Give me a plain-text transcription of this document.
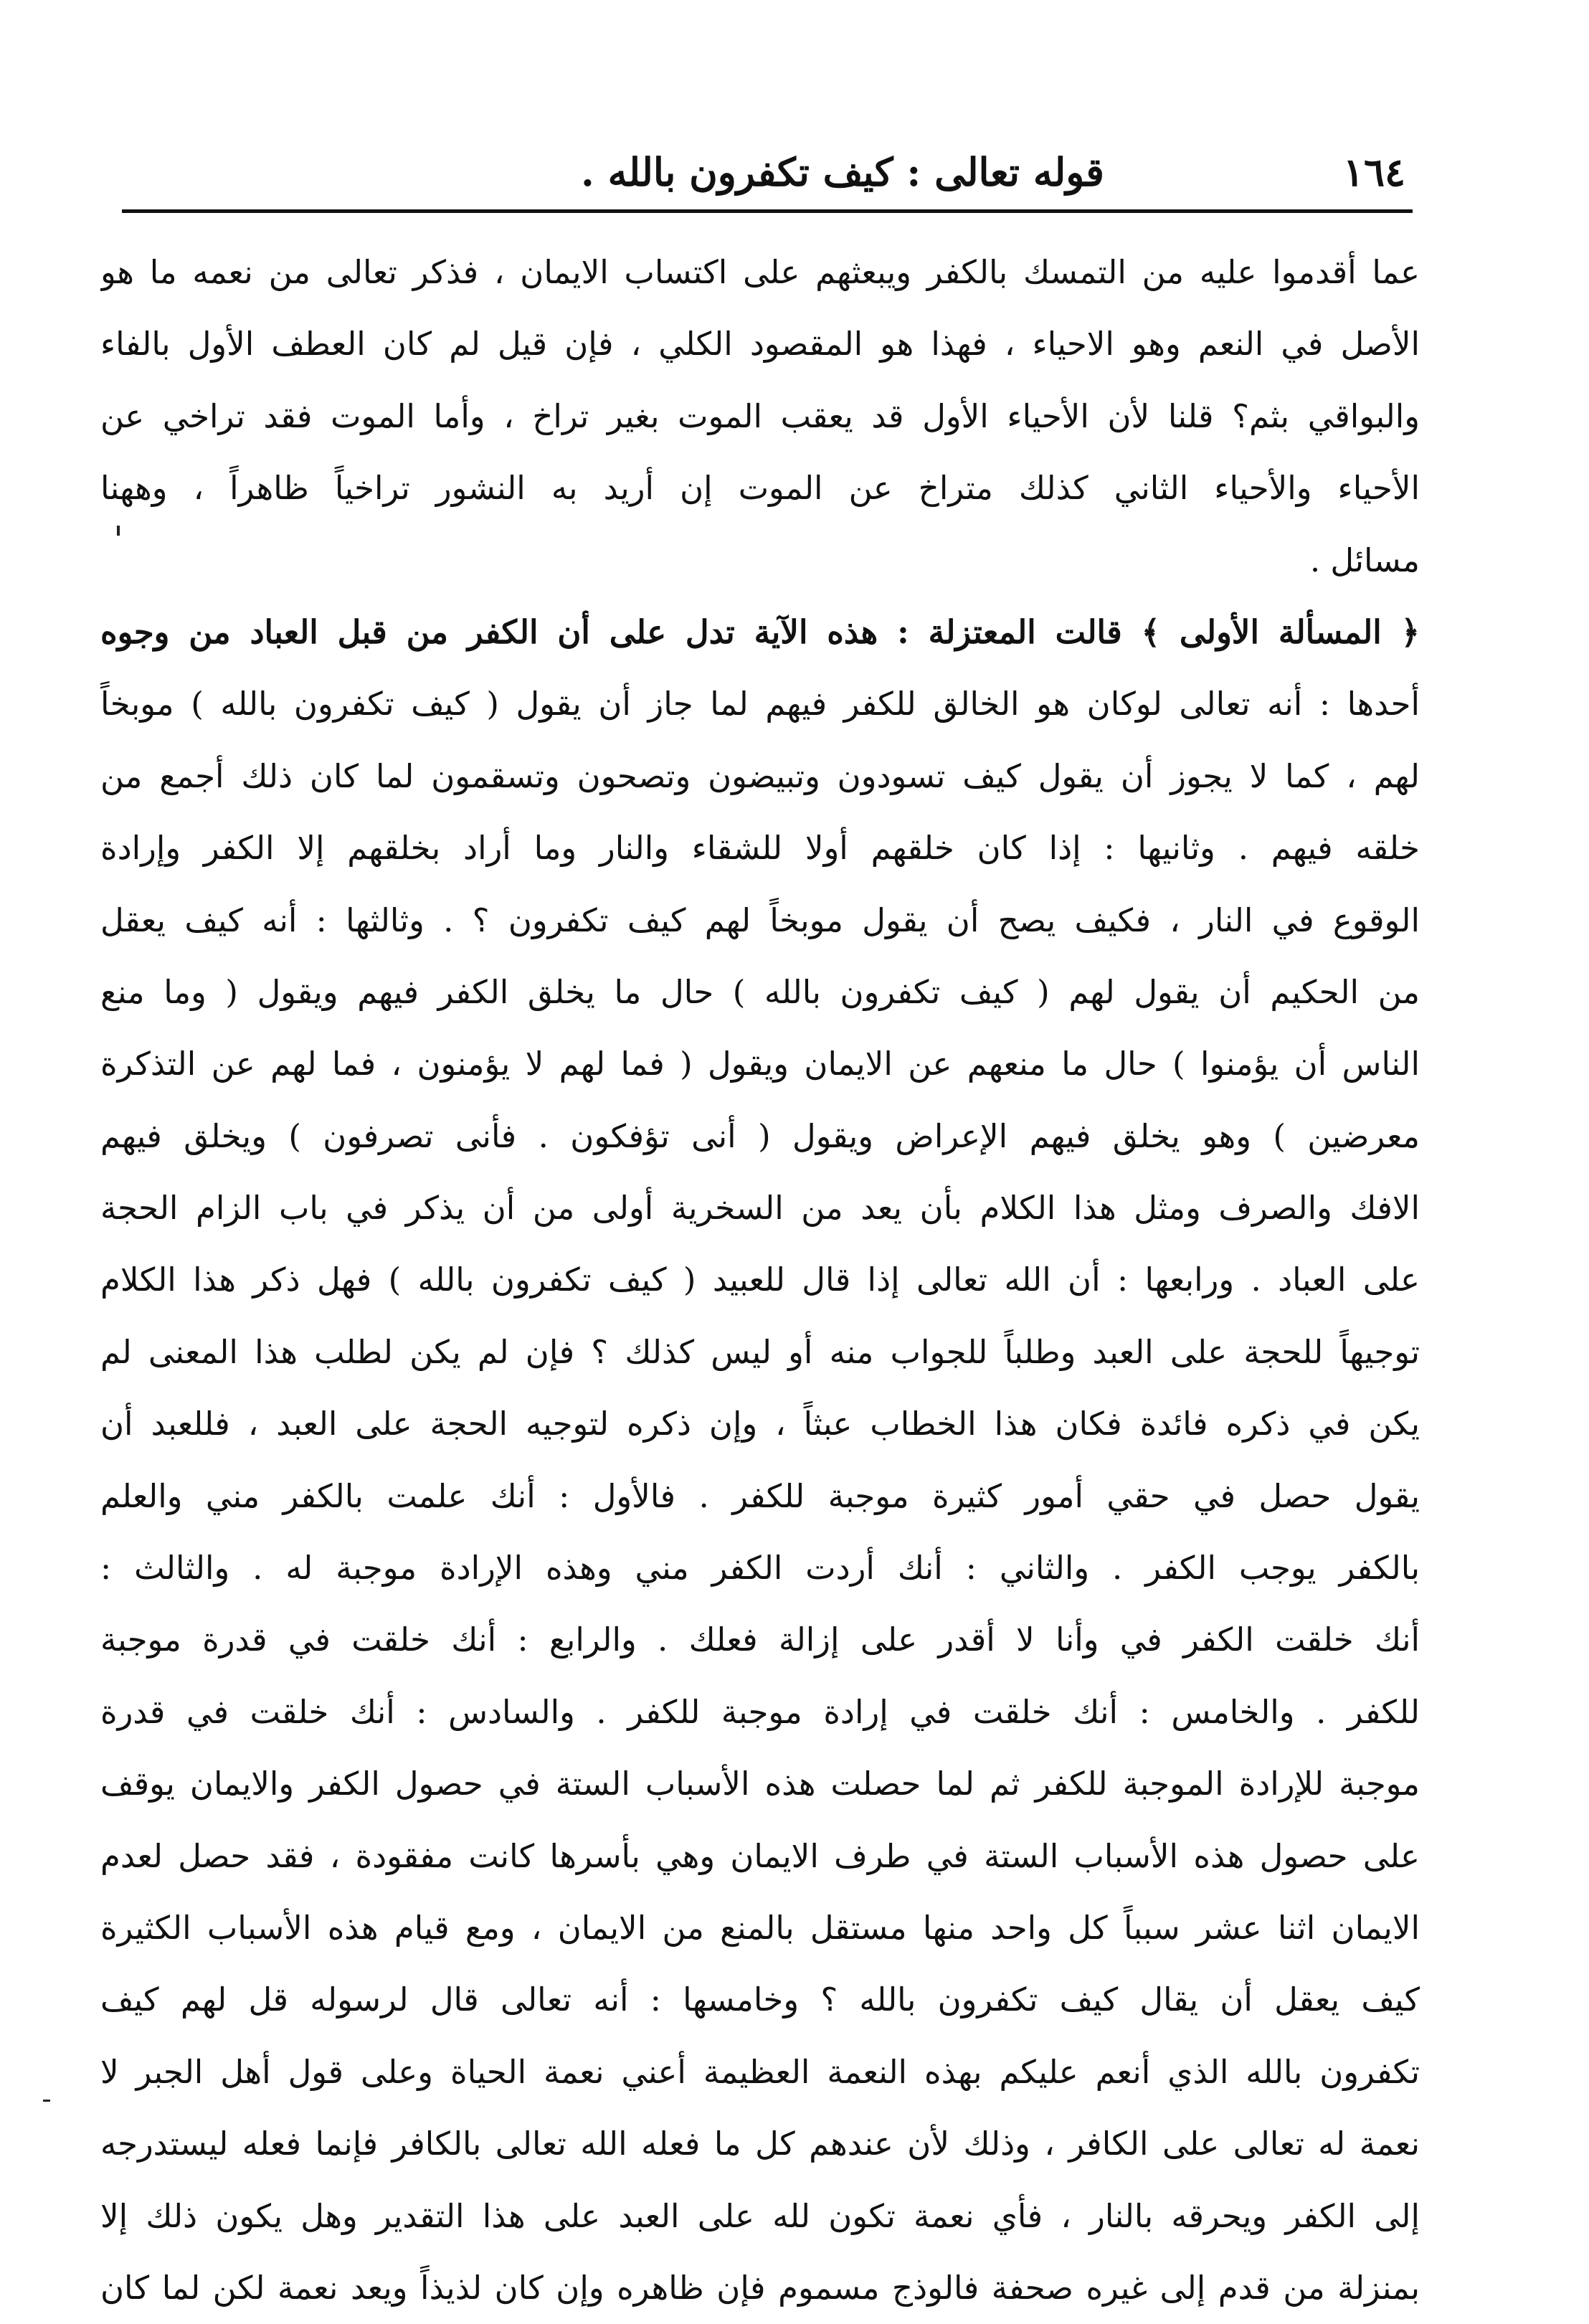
١٦٤
قوله تعالى : كيف تكفرون بالله .
عما أقدموا عليه من التمسك بالكفر ويبعثهم على اكتساب الايمان ، فذكر تعالى من نعمه ما هو
الأصل في النعم وهو الاحياء ، فهذا هو المقصود الكلي ، فإن قيل لم كان العطف الأول بالفاء
والبواقي بثم؟ قلنا لأن الأحياء الأول قد يعقب الموت بغير تراخ ، وأما الموت فقد تراخي عن
الأحياء والأحياء الثاني كذلك متراخ عن الموت إن أريد به النشور تراخياً ظاهراً ، وههنا
مسائل .
﴿ المسألة الأولى ﴾ قالت المعتزلة : هذه الآية تدل على أن الكفر من قبل العباد من وجوه
أحدها : أنه تعالى لوكان هو الخالق للكفر فيهم لما جاز أن يقول ( كيف تكفرون بالله ) موبخاً
لهم ، كما لا يجوز أن يقول كيف تسودون وتبيضون وتصحون وتسقمون لما كان ذلك أجمع من
خلقه فيهم . وثانيها : إذا كان خلقهم أولا للشقاء والنار وما أراد بخلقهم إلا الكفر وإرادة
الوقوع في النار ، فكيف يصح أن يقول موبخاً لهم كيف تكفرون ؟ . وثالثها : أنه كيف يعقل
من الحكيم أن يقول لهم ( كيف تكفرون بالله ) حال ما يخلق الكفر فيهم ويقول ( وما منع
الناس أن يؤمنوا ) حال ما منعهم عن الايمان ويقول ( فما لهم لا يؤمنون ، فما لهم عن التذكرة
معرضين ) وهو يخلق فيهم الإعراض ويقول ( أنى تؤفكون . فأنى تصرفون ) ويخلق فيهم
الافك والصرف ومثل هذا الكلام بأن يعد من السخرية أولى من أن يذكر في باب الزام الحجة
على العباد . ورابعها : أن الله تعالى إذا قال للعبيد ( كيف تكفرون بالله ) فهل ذكر هذا الكلام
توجيهاً للحجة على العبد وطلباً للجواب منه أو ليس كذلك ؟ فإن لم يكن لطلب هذا المعنى لم
يكن في ذكره فائدة فكان هذا الخطاب عبثاً ، وإن ذكره لتوجيه الحجة على العبد ، فللعبد أن
يقول حصل في حقي أمور كثيرة موجبة للكفر . فالأول : أنك علمت بالكفر مني والعلم
بالكفر يوجب الكفر . والثاني : أنك أردت الكفر مني وهذه الإرادة موجبة له . والثالث :
أنك خلقت الكفر في وأنا لا أقدر على إزالة فعلك . والرابع : أنك خلقت في قدرة موجبة
للكفر . والخامس : أنك خلقت في إرادة موجبة للكفر . والسادس : أنك خلقت في قدرة
موجبة للإرادة الموجبة للكفر ثم لما حصلت هذه الأسباب الستة في حصول الكفر والايمان يوقف
على حصول هذه الأسباب الستة في طرف الايمان وهي بأسرها كانت مفقودة ، فقد حصل لعدم
الايمان اثنا عشر سبباً كل واحد منها مستقل بالمنع من الايمان ، ومع قيام هذه الأسباب الكثيرة
كيف يعقل أن يقال كيف تكفرون بالله ؟ وخامسها : أنه تعالى قال لرسوله قل لهم كيف
تكفرون بالله الذي أنعم عليكم بهذه النعمة العظيمة أعني نعمة الحياة وعلى قول أهل الجبر لا
نعمة له تعالى على الكافر ، وذلك لأن عندهم كل ما فعله الله تعالى بالكافر فإنما فعله ليستدرجه
إلى الكفر ويحرقه بالنار ، فأي نعمة تكون لله على العبد على هذا التقدير وهل يكون ذلك إلا
بمنزلة من قدم إلى غيره صحفة فالوذج مسموم فإن ظاهره وإن كان لذيذاً ويعد نعمة لكن لما كان
